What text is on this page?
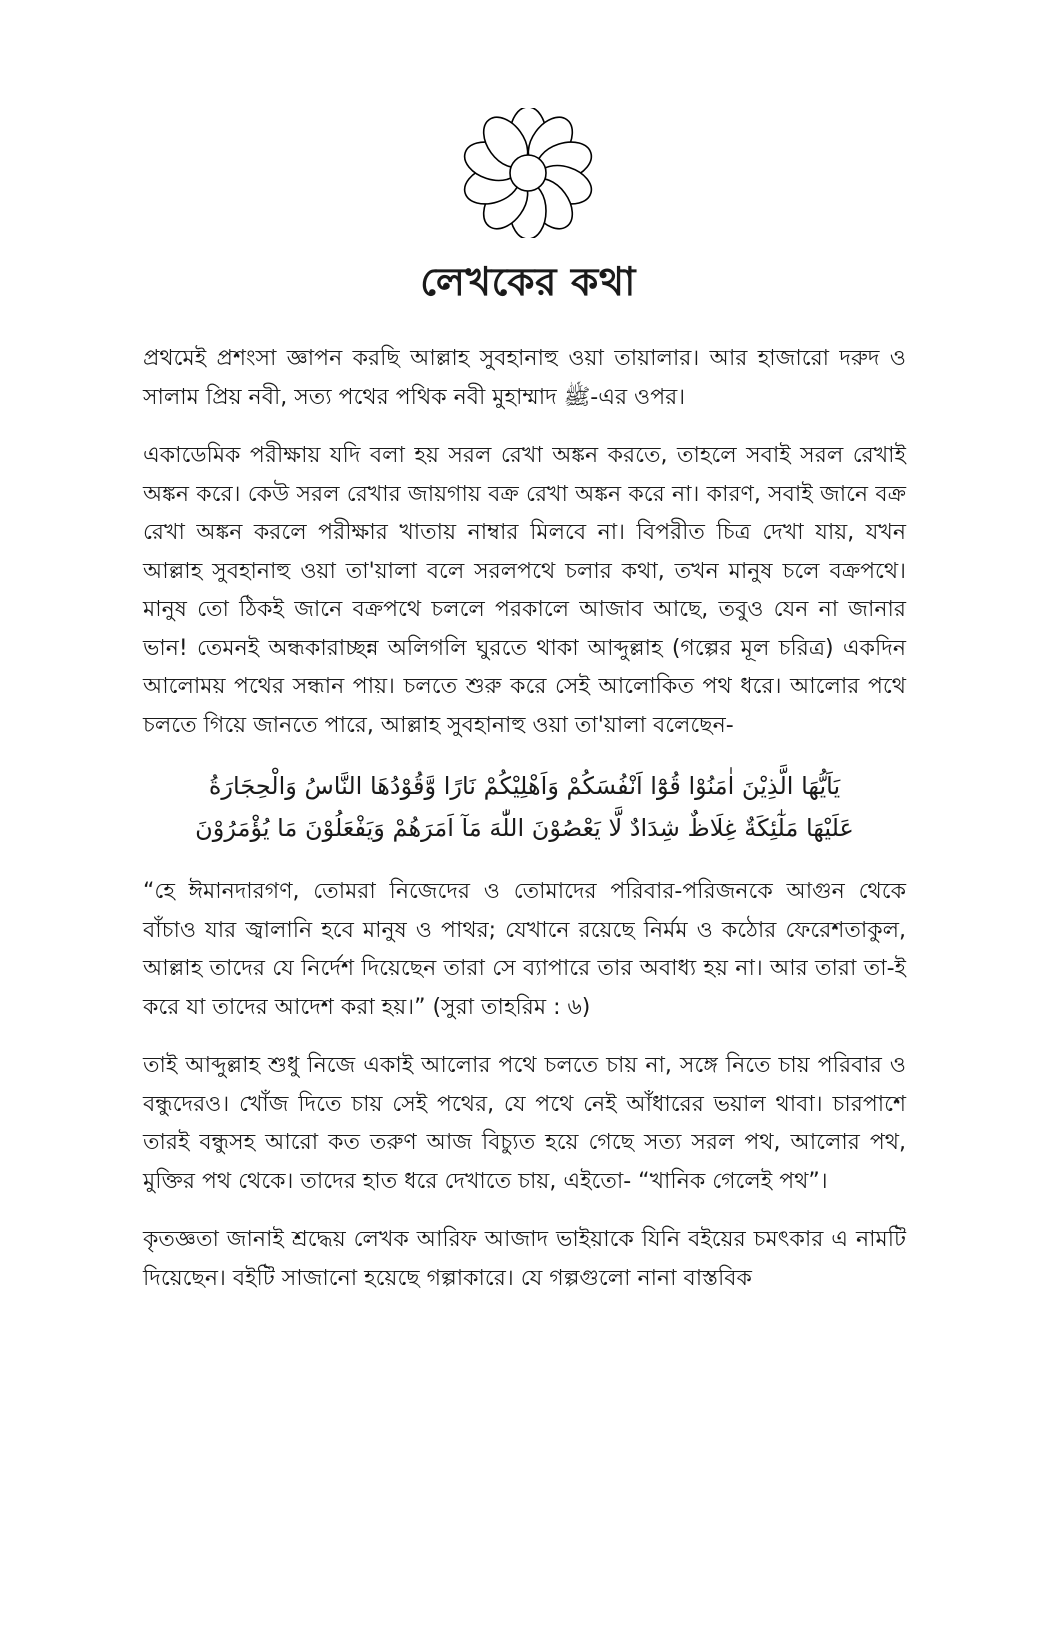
লেখকের কথা

প্রথমেই প্রশংসা জ্ঞাপন করছি আল্লাহ সুবহানাহু ওয়া তায়ালার। আর হাজারো দরুদ ও সালাম প্রিয় নবী, সত্য পথের পথিক নবী মুহাম্মাদ ﷺ-এর ওপর।

একাডেমিক পরীক্ষায় যদি বলা হয় সরল রেখা অঙ্কন করতে, তাহলে সবাই সরল রেখাই অঙ্কন করে। কেউ সরল রেখার জায়গায় বক্র রেখা অঙ্কন করে না। কারণ, সবাই জানে বক্র রেখা অঙ্কন করলে পরীক্ষার খাতায় নাম্বার মিলবে না। বিপরীত চিত্র দেখা যায়, যখন আল্লাহ সুবহানাহু ওয়া তা'য়ালা বলে সরলপথে চলার কথা, তখন মানুষ চলে বক্রপথে। মানুষ তো ঠিকই জানে বক্রপথে চললে পরকালে আজাব আছে, তবুও যেন না জানার ভান! তেমনই অন্ধকারাচ্ছন্ন অলিগলি ঘুরতে থাকা আব্দুল্লাহ (গল্পের মূল চরিত্র) একদিন আলোময় পথের সন্ধান পায়। চলতে শুরু করে সেই আলোকিত পথ ধরে। আলোর পথে চলতে গিয়ে জানতে পারে, আল্লাহ সুবহানাহু ওয়া তা'য়ালা বলেছেন-

يَاَيُّهَا الَّذِيْنَ اٰمَنُوْا قُوْٓا اَنْفُسَكُمْ وَاَهْلِيْكُمْ نَارًا وَّقُوْدُهَا النَّاسُ وَالْحِجَارَةُ
عَلَيْهَا مَلٰٓئِكَةٌ غِلَاظٌ شِدَادٌ لَّا يَعْصُوْنَ اللّٰهَ مَآ اَمَرَهُمْ وَيَفْعَلُوْنَ مَا يُؤْمَرُوْنَ

“হে ঈমানদারগণ, তোমরা নিজেদের ও তোমাদের পরিবার-পরিজনকে আগুন থেকে বাঁচাও যার জ্বালানি হবে মানুষ ও পাথর; যেখানে রয়েছে নির্মম ও কঠোর ফেরেশতাকুল, আল্লাহ তাদের যে নির্দেশ দিয়েছেন তারা সে ব্যাপারে তার অবাধ্য হয় না। আর তারা তা-ই করে যা তাদের আদেশ করা হয়।” (সুরা তাহরিম : ৬)

তাই আব্দুল্লাহ শুধু নিজে একাই আলোর পথে চলতে চায় না, সঙ্গে নিতে চায় পরিবার ও বন্ধুদেরও। খোঁজ দিতে চায় সেই পথের, যে পথে নেই আঁধারের ভয়াল থাবা। চারপাশে তারই বন্ধুসহ আরো কত তরুণ আজ বিচ্যুত হয়ে গেছে সত্য সরল পথ, আলোর পথ, মুক্তির পথ থেকে। তাদের হাত ধরে দেখাতে চায়, এইতো- “খানিক গেলেই পথ”।

কৃতজ্ঞতা জানাই শ্রদ্ধেয় লেখক আরিফ আজাদ ভাইয়াকে যিনি বইয়ের চমৎকার এ নামটি দিয়েছেন। বইটি সাজানো হয়েছে গল্পাকারে। যে গল্পগুলো নানা বাস্তবিক
